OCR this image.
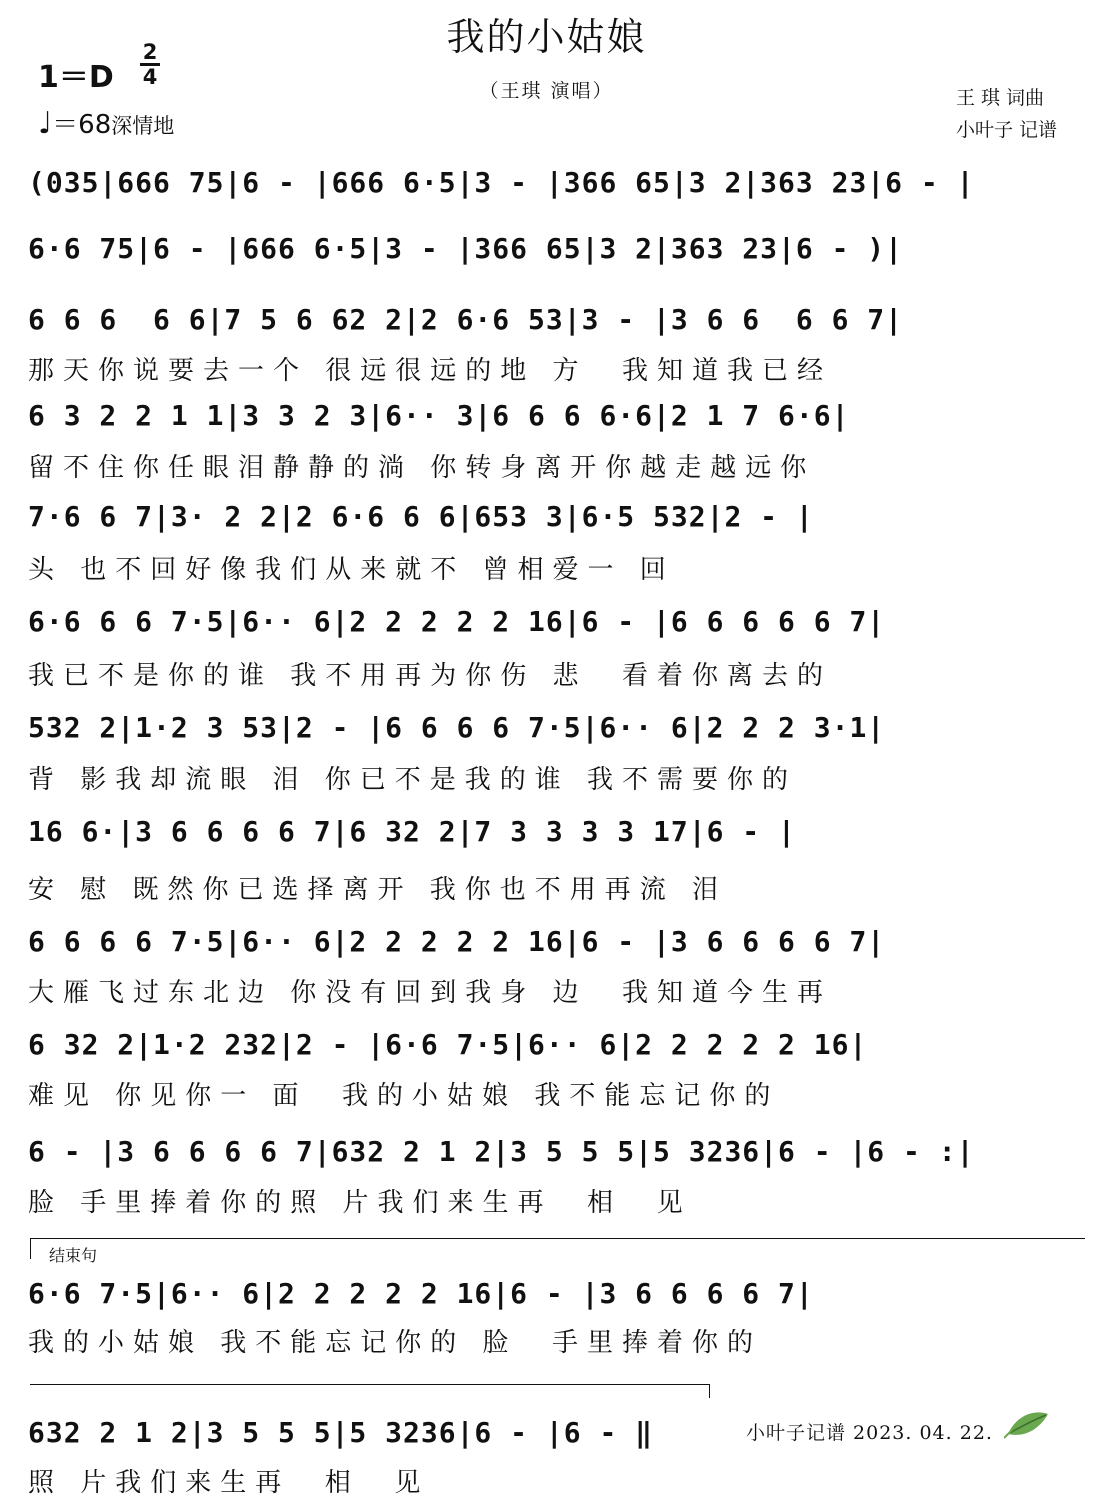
我的小姑娘
（王琪 演唱）
1＝D
2
4
♩＝68深情地
王 琪 词曲
小叶子 记谱
(035|666 75|6 - |666 6·5|3 - |366 65|3 2|363 23|6 - |
6·6 75|6 - |666 6·5|3 - |366 65|3 2|363 23|6 - )|
6 6 6  6 6|7 5 6 62 2|2 6·6 53|3 - |3 6 6  6 6 7|
那天你说要去一个 很远很远的地 方  我知道我已经
6 3 2 2 1 1|3 3 2 3|6·· 3|6 6 6 6·6|2 1 7 6·6|
留不住你任眼泪静静的淌 你转身离开你越走越远你
7·6 6 7|3· 2 2|2 6·6 6 6|653 3|6·5 532|2 - |
头 也不回好像我们从来就不 曾相爱一 回
6·6 6 6 7·5|6·· 6|2 2 2 2 2 16|6 - |6 6 6 6 6 7|
我已不是你的谁 我不用再为你伤 悲  看着你离去的
532 2|1·2 3 53|2 - |6 6 6 6 7·5|6·· 6|2 2 2 3·1|
背 影我却流眼 泪 你已不是我的谁 我不需要你的
16 6·|3 6 6 6 6 7|6 32 2|7 3 3 3 3 17|6 - |
安 慰 既然你已选择离开 我你也不用再流 泪
6 6 6 6 7·5|6·· 6|2 2 2 2 2 16|6 - |3 6 6 6 6 7|
大雁飞过东北边 你没有回到我身 边  我知道今生再
6 32 2|1·2 232|2 - |6·6 7·5|6·· 6|2 2 2 2 2 16|
难见 你见你一 面  我的小姑娘 我不能忘记你的
6 - |3 6 6 6 6 7|632 2 1 2|3 5 5 5|5 3236|6 - |6 - :|
脸 手里捧着你的照 片我们来生再  相  见
结束句
6·6 7·5|6·· 6|2 2 2 2 2 16|6 - |3 6 6 6 6 7|
我的小姑娘 我不能忘记你的 脸  手里捧着你的
632 2 1 2|3 5 5 5|5 3236|6 - |6 - ‖
照 片我们来生再  相  见
小叶子记谱 2023. 04. 22.
